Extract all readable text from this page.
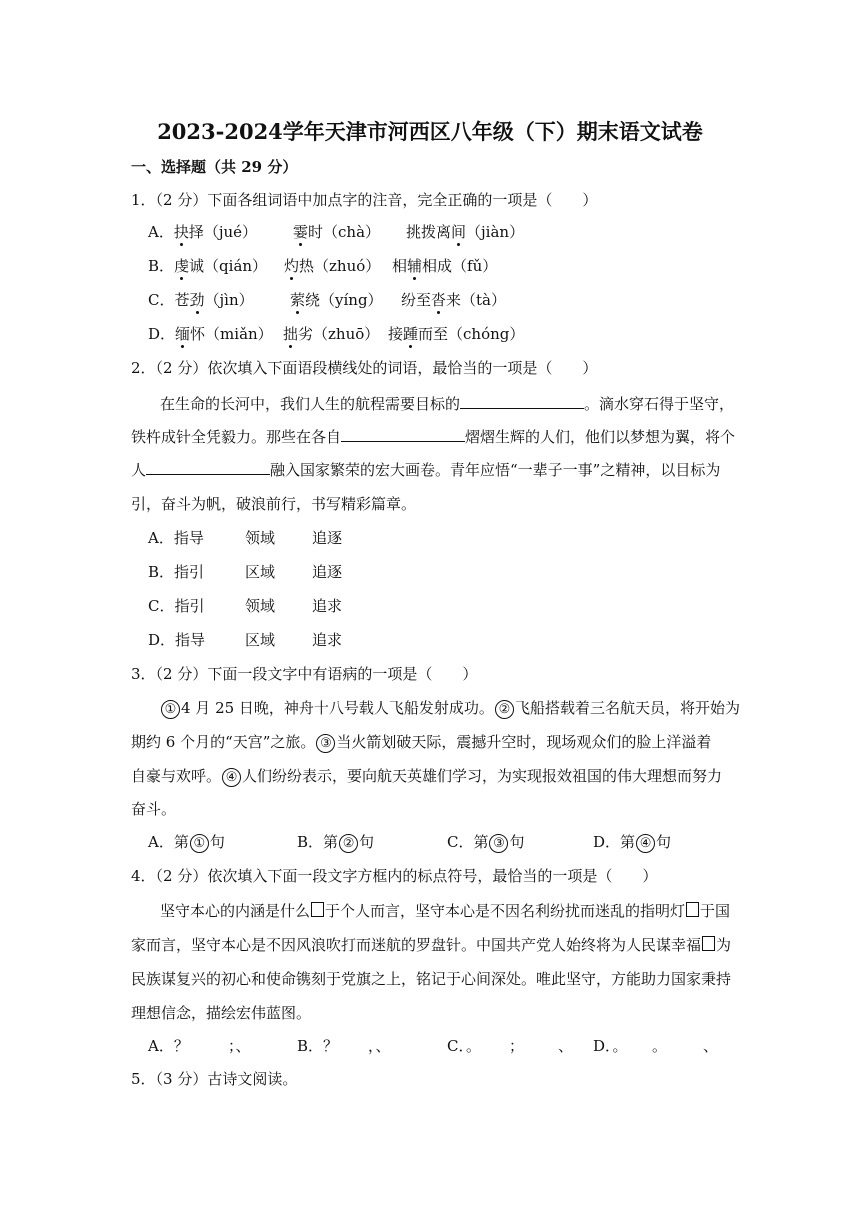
2023-2024学年天津市河西区八年级（下）期末语文试卷
一、选择题（共 29 分）
1．（2 分）下面各组词语中加点字的注音，完全正确的一项是（　　）
A．抉择（jué） 霎时（chà） 挑拨离间（jiàn）
B．虔诚（qián） 灼热（zhuó） 相辅相成（fǔ）
C．苍劲（jìn） 萦绕（yíng） 纷至沓来（tà）
D．缅怀（miǎn） 拙劣（zhuō） 接踵而至（chóng）
2．（2 分）依次填入下面语段横线处的词语，最恰当的一项是（　　）
在生命的长河中，我们人生的航程需要目标的	。滴水穿石得于坚守，
铁杵成针全凭毅力。那些在各自	熠熠生辉的人们，他们以梦想为翼，将个
人	融入国家繁荣的宏大画卷。青年应悟“一辈子一事”之精神，以目标为
引，奋斗为帆，破浪前行，书写精彩篇章。
A．指导	领域 追逐
B．指引	区域 追逐
C．指引	领域 追求
D．指导	区域 追求
3．（2 分）下面一段文字中有语病的一项是（　　）
① 4 月 25 日晚，神舟十八号载人飞船发射成功。 ② 飞船搭载着三名航天员，将开始为
期约 6 个月的“天宫”之旅。 ③ 当火箭划破天际，震撼升空时，现场观众们的脸上洋溢着
自豪与欢呼。 ④ 人们纷纷表示，要向航天英雄们学习，为实现报效祖国的伟大理想而努力
奋斗。
A．第 ① 句	B．第 ② 句	C．第 ③ 句	D．第 ④ 句
4．（2 分）依次填入下面一段文字方框内的标点符号，最恰当的一项是（　　）
坚守本心的内涵是什么 于个人而言，坚守本心是不因名利纷扰而迷乱的指明灯 于国
家而言，坚守本心是不因风浪吹打而迷航的罗盘针。中国共产党人始终将为人民谋幸福 为
民族谋复兴的初心和使命镌刻于党旗之上，铭记于心间深处。唯此坚守，方能助力国家秉持
理想信念，描绘宏伟蓝图。
A．？	；、	B．？ ，、	C．。 ； 、 D．。 。 、
5．（3 分）古诗文阅读。
